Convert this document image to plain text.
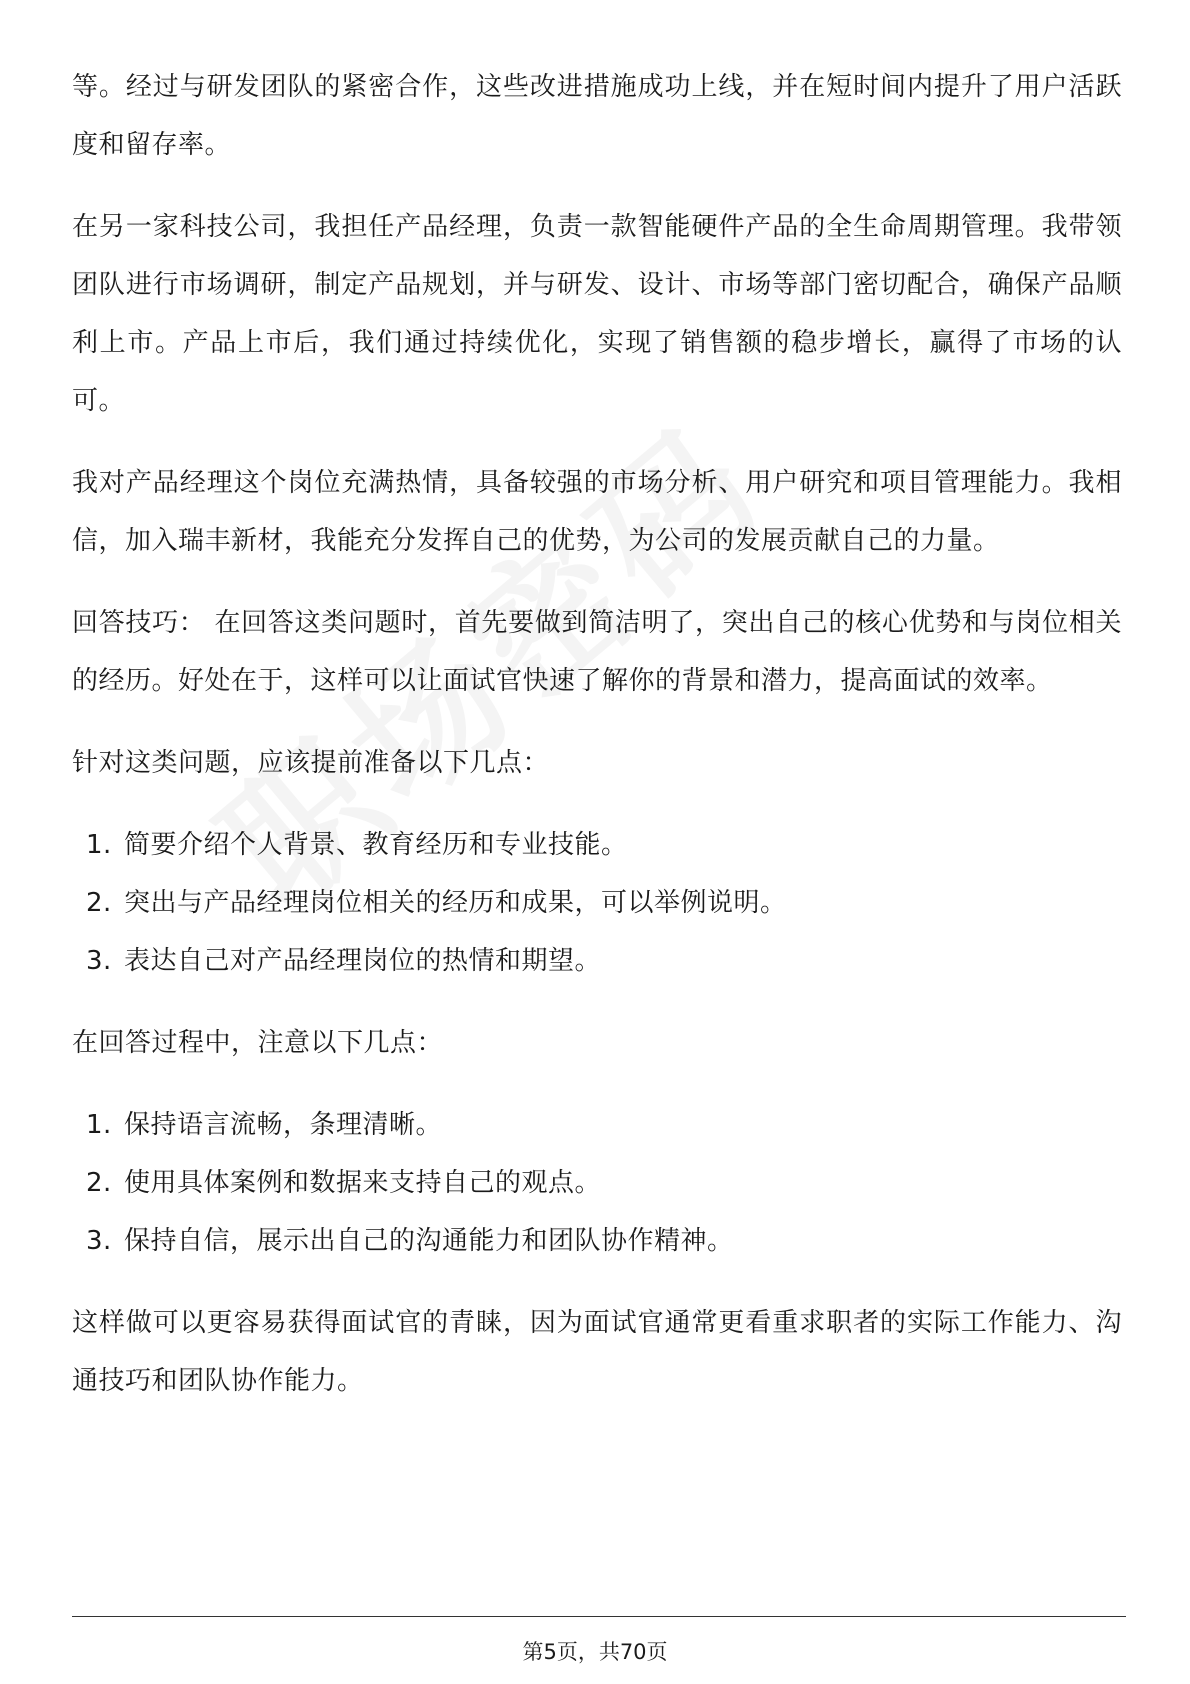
等。经过与研发团队的紧密合作，这些改进措施成功上线，并在短时间内提升了用户活跃度和留存率。

在另一家科技公司，我担任产品经理，负责一款智能硬件产品的全生命周期管理。我带领团队进行市场调研，制定产品规划，并与研发、设计、市场等部门密切配合，确保产品顺利上市。产品上市后，我们通过持续优化，实现了销售额的稳步增长，赢得了市场的认可。

我对产品经理这个岗位充满热情，具备较强的市场分析、用户研究和项目管理能力。我相信，加入瑞丰新材，我能充分发挥自己的优势，为公司的发展贡献自己的力量。

回答技巧： 在回答这类问题时，首先要做到简洁明了，突出自己的核心优势和与岗位相关的经历。好处在于，这样可以让面试官快速了解你的背景和潜力，提高面试的效率。

针对这类问题，应该提前准备以下几点：

1. 简要介绍个人背景、教育经历和专业技能。
2. 突出与产品经理岗位相关的经历和成果，可以举例说明。
3. 表达自己对产品经理岗位的热情和期望。

在回答过程中，注意以下几点：

1. 保持语言流畅，条理清晰。
2. 使用具体案例和数据来支持自己的观点。
3. 保持自信，展示出自己的沟通能力和团队协作精神。

这样做可以更容易获得面试官的青睐，因为面试官通常更看重求职者的实际工作能力、沟通技巧和团队协作能力。

第5页，共70页
